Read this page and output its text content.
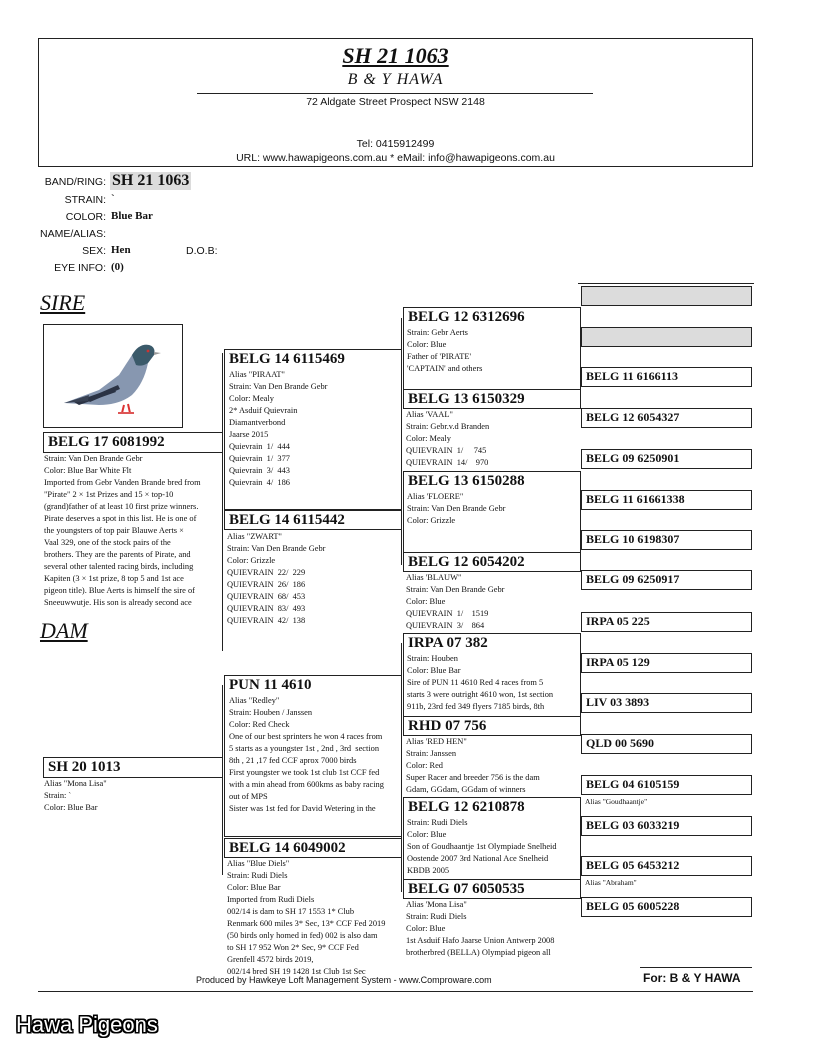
SH 21 1063
B & Y HAWA
72 Aldgate Street Prospect NSW 2148
Tel: 0415912499
URL: www.hawapigeons.com.au * eMail: info@hawapigeons.com.au
BAND/RING: SH 21 1063
STRAIN: `
COLOR: Blue Bar
NAME/ALIAS:
SEX: Hen	D.O.B:
EYE INFO: (0)
SIRE
DAM
BELG 17 6081992
Strain: Van Den Brande Gebr
Color: Blue Bar White Flt
Imported from Gebr Vanden Brande bred from
"Pirate" 2 × 1st Prizes and 15 × top-10
(grand)father of at least 10 first prize winners.
Pirate deserves a spot in this list. He is one of
the youngsters of top pair Blauwe Aerts ×
Vaal 329, one of the stock pairs of the
brothers. They are the parents of Pirate, and
several other talented racing birds, including
Kapiten (3 × 1st prize, 8 top 5 and 1st ace
pigeon title). Blue Aerts is himself the sire of
Sneeuwwutje. His son is already second ace
SH 20 1013
Alias "Mona Lisa"
Strain: `
Color: Blue Bar
BELG 14 6115469
Alias "PIRAAT"
Strain: Van Den Brande Gebr
Color: Mealy
2* Asduif Quievrain
Diamantverbond
Jaarse 2015
Quievrain  1/  444
Quievrain  1/  377
Quievrain  3/  443
Quievrain  4/  186
BELG 14 6115442
Alias "ZWART"
Strain: Van Den Brande Gebr
Color: Grizzle
QUIEVRAIN  22/  229
QUIEVRAIN  26/  186
QUIEVRAIN  68/  453
QUIEVRAIN  83/  493
QUIEVRAIN  42/  138
PUN 11 4610
Alias "Redley"
Strain: Houben / Janssen
Color: Red Check
One of our best sprinters he won 4 races from
5 starts as a youngster 1st , 2nd , 3rd  section
8th , 21 ,17 fed CCF aprox 7000 birds
First youngster we took 1st club 1st CCF fed
with a min ahead from 600kms as baby racing
out of MPS
Sister was 1st fed for David Wetering in the
BELG 14 6049002
Alias "Blue Diels"
Strain: Rudi Diels
Color: Blue Bar
Imported from Rudi Diels
002/14 is dam to SH 17 1553 1* Club
Renmark 600 miles 3* Sec, 13* CCF Fed 2019
(50 birds only homed in fed) 002 is also dam
to SH 17 952 Won 2* Sec, 9* CCF Fed
Grenfell 4572 birds 2019,
002/14 bred SH 19 1428 1st Club 1st Sec
BELG 12 6312696
Strain: Gebr Aerts
Color: Blue
Father of 'PIRATE'
'CAPTAIN' and others
BELG 13 6150329
Alias 'VAAL"
Strain: Gebr.v.d Branden
Color: Mealy
QUIEVRAIN  1/     745
QUIEVRAIN  14/    970
BELG 13 6150288
Alias 'FLOERE"
Strain: Van Den Brande Gebr
Color: Grizzle
BELG 12 6054202
Alias 'BLAUW"
Strain: Van Den Brande Gebr
Color: Blue
QUIEVRAIN  1/    1519
QUIEVRAIN  3/    864
IRPA 07 382
Strain: Houben
Color: Blue Bar
Sire of PUN 11 4610 Red 4 races from 5
starts 3 were outright 4610 won, 1st section
911b, 23rd fed 349 flyers 7185 birds, 8th
RHD 07 756
Alias 'RED HEN"
Strain: Janssen
Color: Red
Super Racer and breeder 756 is the dam
Gdam, GGdam, GGdam of winners
BELG 12 6210878
Strain: Rudi Diels
Color: Blue
Son of Goudhaantje 1st Olympiade Snelheid
Oostende 2007 3rd National Ace Snelheid
KBDB 2005
BELG 07 6050535
Alias 'Mona Lisa"
Strain: Rudi Diels
Color: Blue
1st Asduif Hafo Jaarse Union Antwerp 2008
brotherbred (BELLA) Olympiad pigeon all
BELG 11 6166113
BELG 12 6054327
BELG 09 6250901
BELG 11 61661338
BELG 10 6198307
BELG 09 6250917
IRPA 05 225
IRPA 05 129
LIV 03 3893
QLD 00 5690
BELG 04 6105159
Alias "Goudhaantje"
BELG 03 6033219
BELG 05 6453212
Alias "Abraham"
BELG 05 6005228
Produced by Hawkeye Loft Management System - www.Comproware.com	For: B & Y HAWA
Hawa Pigeons
